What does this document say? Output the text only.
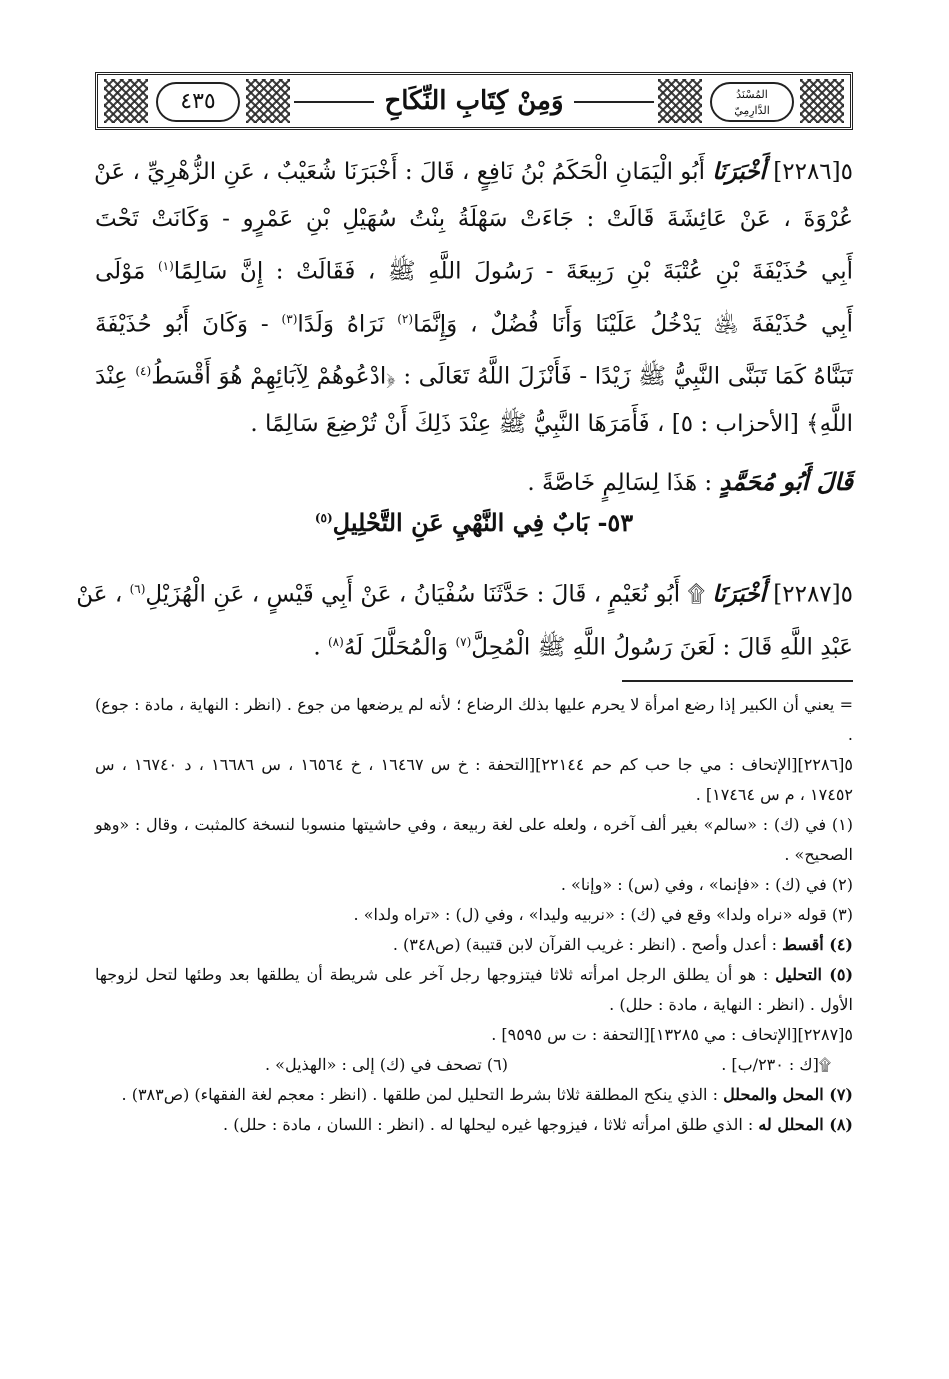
المُسْنَدُ
الدَّارِمِيّ
وَمِنْ كِتَابِ النِّكَاحِ
٤٣٥
٥[٢٢٨٦] أَخْبَرَنَا أَبُو الْيَمَانِ الْحَكَمُ بْنُ نَافِعٍ ، قَالَ : أَخْبَرَنَا شُعَيْبٌ ، عَنِ الزُّهْرِيِّ ، عَنْ
عُرْوَةَ ، عَنْ عَائِشَةَ قَالَتْ : جَاءَتْ سَهْلَةُ بِنْتُ سُهَيْلِ بْنِ عَمْرٍو - وَكَانَتْ تَحْتَ
أَبِي حُذَيْفَةَ بْنِ عُتْبَةَ بْنِ رَبِيعَةَ - رَسُولَ اللَّهِ ﷺ ، فَقَالَتْ : إِنَّ سَالِمًا$^{(١)}$ مَوْلَى
أَبِي حُذَيْفَةَ ﵁ يَدْخُلُ عَلَيْنَا وَأَنَا فُضُلٌ ، وَإِنَّمَا$^{(٢)}$ نَرَاهُ وَلَدًا$^{(٣)}$ - وَكَانَ أَبُو حُذَيْفَةَ
تَبَنَّاهُ كَمَا تَبَنَّى النَّبِيُّ ﷺ زَيْدًا - فَأَنْزَلَ اللَّهُ تَعَالَى : ﴿ادْعُوهُمْ لِآبَائِهِمْ هُوَ أَقْسَطُ$^{(٤)}$ عِنْدَ
اللَّهِ﴾ [الأحزاب : ٥] ، فَأَمَرَهَا النَّبِيُّ ﷺ عِنْدَ ذَلِكَ أَنْ تُرْضِعَ سَالِمًا .
قَالَ أَبُو مُحَمَّدٍ : هَذَا لِسَالِمٍ خَاصَّةً .
٥٣- بَابٌ فِي النَّهْيِ عَنِ التَّحْلِيلِ$^{(٥)}$
٥[٢٢٨٧] أَخْبَرَنَا ۩ أَبُو نُعَيْمٍ ، قَالَ : حَدَّثَنَا سُفْيَانُ ، عَنْ أَبِي قَيْسٍ ، عَنِ الْهُزَيْلِ$^{(٦)}$ ، عَنْ
عَبْدِ اللَّهِ قَالَ : لَعَنَ رَسُولُ اللَّهِ ﷺ الْمُحِلَّ$^{(٧)}$ وَالْمُحَلَّلَ لَهُ$^{(٨)}$ .
= يعني أن الكبير إذا رضع امرأة لا يحرم عليها بذلك الرضاع ؛ لأنه لم يرضعها من جوع . (انظر : النهاية ، مادة : جوع) .
٥[٢٢٨٦][الإتحاف : مي جا حب كم حم ٢٢١٤٤][التحفة : خ س ١٦٤٦٧ ، خ ١٦٥٦٤ ، س ١٦٦٨٦ ، د ١٦٧٤٠ ، س ١٧٤٥٢ ، م س ١٧٤٦٤] .
(١) في (ك) : «سالم» بغير ألف آخره ، ولعله على لغة ربيعة ، وفي حاشيتها منسوبا لنسخة كالمثبت ، وقال : «وهو الصحيح» .
(٢) في (ك) : «فإنما» ، وفي (س) : «وإنا» .
(٣) قوله «نراه ولدا» وقع في (ك) : «نربيه وليدا» ، وفي (ل) : «تراه ولدا» .
(٤) أقسط : أعدل وأصح . (انظر : غريب القرآن لابن قتيبة) (ص٣٤٨) .
(٥) التحليل : هو أن يطلق الرجل امرأته ثلاثا فيتزوجها رجل آخر على شريطة أن يطلقها بعد وطئها لتحل لزوجها الأول . (انظر : النهاية ، مادة : حلل) .
٥[٢٢٨٧][الإتحاف : مي ١٣٢٨٥][التحفة : ت س ٩٥٩٥] .
۩[ك : ٢٣٠/ب] .
(٦) تصحف في (ك) إلى : «الهذيل» .
(٧) المحل والمحلل : الذي ينكح المطلقة ثلاثا بشرط التحليل لمن طلقها . (انظر : معجم لغة الفقهاء) (ص٣٨٣) .
(٨) المحلل له : الذي طلق امرأته ثلاثا ، فيزوجها غيره ليحلها له . (انظر : اللسان ، مادة : حلل) .
